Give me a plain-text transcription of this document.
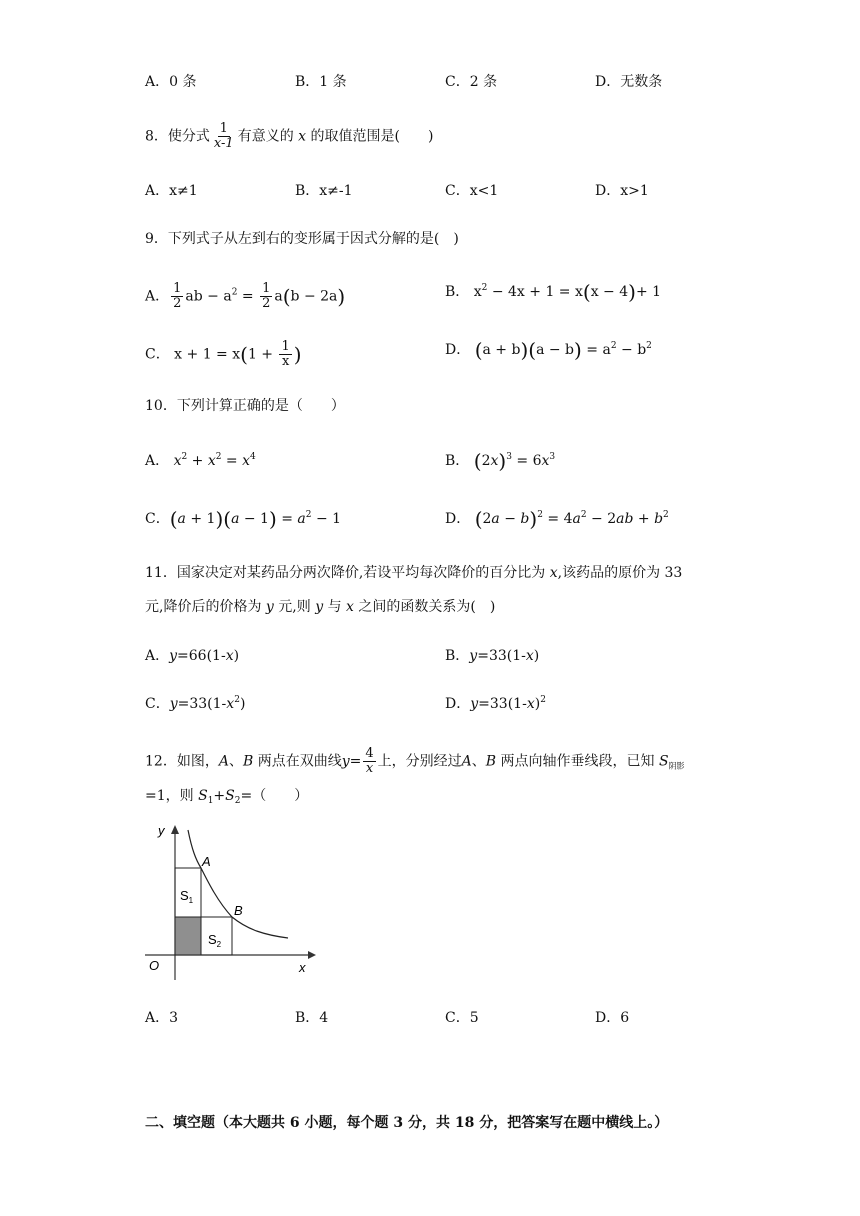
A．0 条	B．1 条	C．2 条	D．无数条
8．使分式 $\frac{1}{x-1}$ 有意义的 x 的取值范围是(　　)
A．x≠1	B．x≠-1	C．x<1	D．x>1
9．下列式子从左到右的变形属于因式分解的是(　)
A． $\frac{1}{2}$ ab − $a^2 = \frac{1}{2} a(b - 2a)$	B． $x^2 - 4x + 1 = x(x - 4)+ 1$
C． $x + 1 = x(1 + \frac{1}{x}$ )	D． $(a + b)(a - b) = a^2 - b^2$
10．下列计算正确的是（　　）
A． $x^2 + x^2 = x^4$	B． $(2x)^3 = 6x^3$
C．$(a + 1)(a - 1) = a^2 - 1$	D． $(2a - b)^2 = 4a^2 - 2ab + b^2$
11．国家决定对某药品分两次降价,若设平均每次降价的百分比为 x,该药品的原价为 33
元,降价后的价格为 y 元,则 y 与 x 之间的函数关系为(　)
A．y=66(1-x)	B．y=33(1-x)
C．$y=33(1-x^2)$	D．$y=33(1-x)^2$
12．如图，A、B 两点在双曲线$y= \frac{4}{x}$ 上，分别经过A、B 两点向轴作垂线段，已知 $S_{阴影}$
=1，则 $S_1+S_2=$（　　）
y
x
O
A
B
$S_1$
$S_2$
A．3	B．4	C．5	D．6
二、填空题（本大题共 6 小题，每个题 3 分，共 18 分，把答案写在题中横线上。）
